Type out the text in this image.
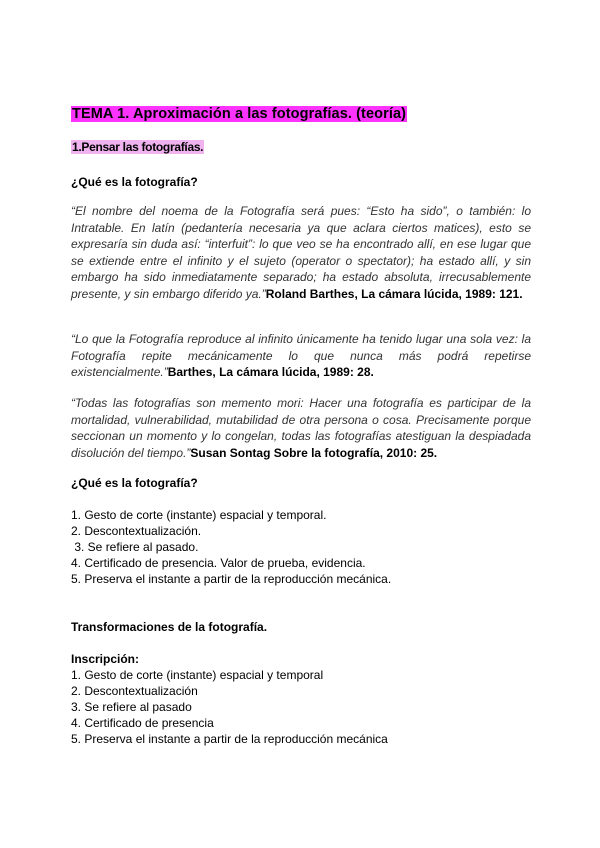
TEMA 1. Aproximación a las fotografías. (teoría)
1.Pensar las fotografías.
¿Qué es la fotografía?

“El nombre del noema de la Fotografía será pues: “Esto ha sido”, o también: lo Intratable. En latín (pedantería necesaria ya que aclara ciertos matices), esto se expresaría sin duda así: “interfuit”: lo que veo se ha encontrado allí, en ese lugar que se extiende entre el infinito y el sujeto (operator o spectator); ha estado allí, y sin embargo ha sido inmediatamente separado; ha estado absoluta, irrecusablemente presente, y sin embargo diferido ya.”Roland Barthes, La cámara lúcida, 1989: 121.

“Lo que la Fotografía reproduce al infinito únicamente ha tenido lugar una sola vez: la Fotografía repite mecánicamente lo que nunca más podrá repetirse existencialmente.”Barthes, La cámara lúcida, 1989: 28.

“Todas las fotografías son memento mori: Hacer una fotografía es participar de la mortalidad, vulnerabilidad, mutabilidad de otra persona o cosa. Precisamente porque seccionan un momento y lo congelan, todas las fotografías atestiguan la despiadada disolución del tiempo.”Susan Sontag Sobre la fotografía, 2010: 25.

¿Qué es la fotografía?
1. Gesto de corte (instante) espacial y temporal.
2. Descontextualización.
3. Se refiere al pasado.
4. Certificado de presencia. Valor de prueba, evidencia.
5. Preserva el instante a partir de la reproducción mecánica.
Transformaciones de la fotografía.
Inscripción:
1. Gesto de corte (instante) espacial y temporal
2. Descontextualización
3. Se refiere al pasado
4. Certificado de presencia
5. Preserva el instante a partir de la reproducción mecánica
